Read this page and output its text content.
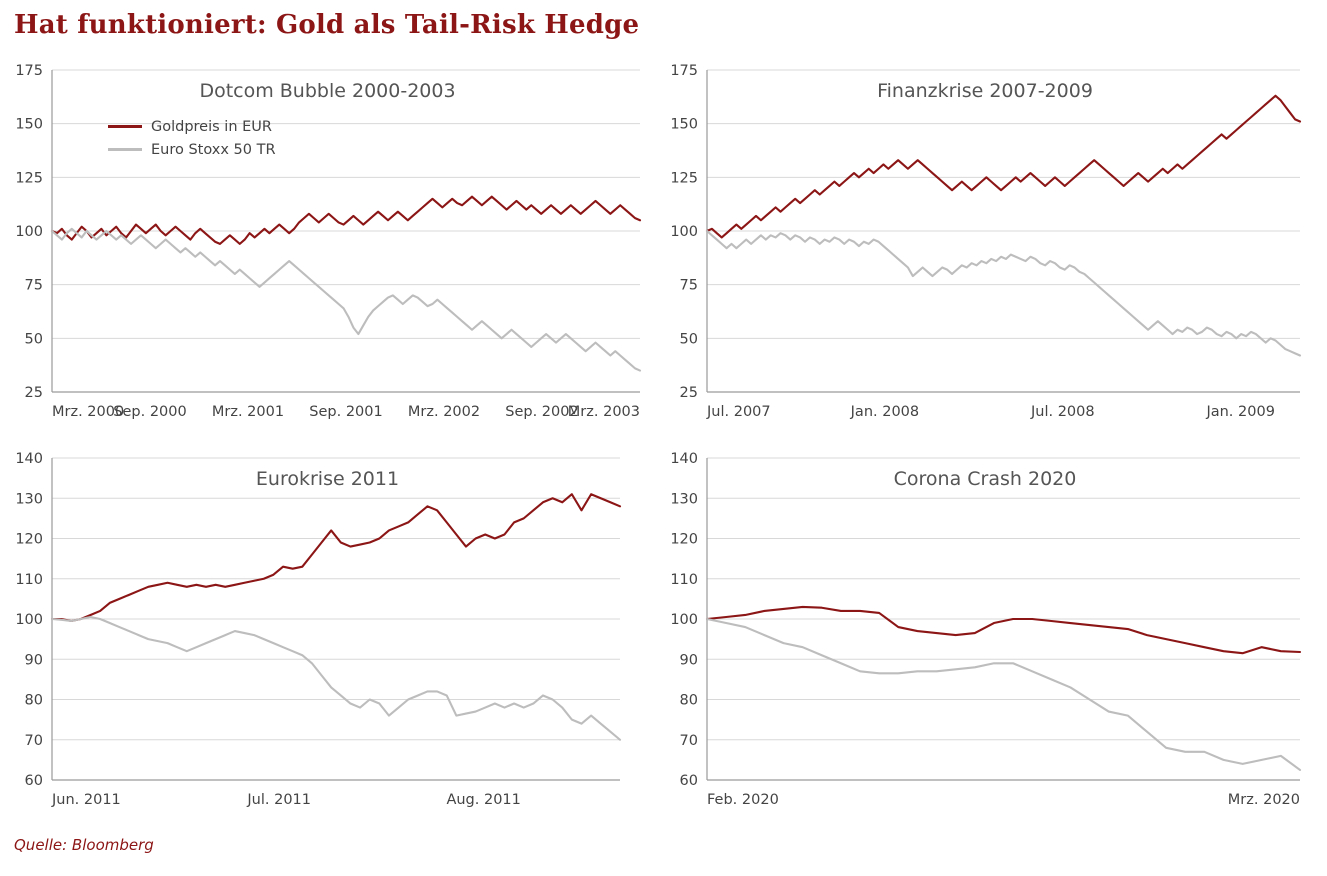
Hat funktioniert: Gold als Tail-Risk Hedge
Dotcom Bubble 2000-2003
25
50
75
100
125
150
175
Mrz. 2000
Sep. 2000 Mrz. 2001 Sep. 2001 Mrz. 2002 Sep. 2002
Mrz. 2003
Goldpreis in EUR
Euro Stoxx 50 TR
Finanzkrise 2007-2009
25
50
75
100
125
150
175
Jul. 2007	Jan. 2008	Jul. 2008	Jan. 2009
Eurokrise 2011
60
70
80
90
100
110
120
130
140
Jun. 2011	Jul. 2011	Aug. 2011
Corona Crash 2020
60
70
80
90
100
110
120
130
140
Feb. 2020	Mrz. 2020
Quelle: Bloomberg
